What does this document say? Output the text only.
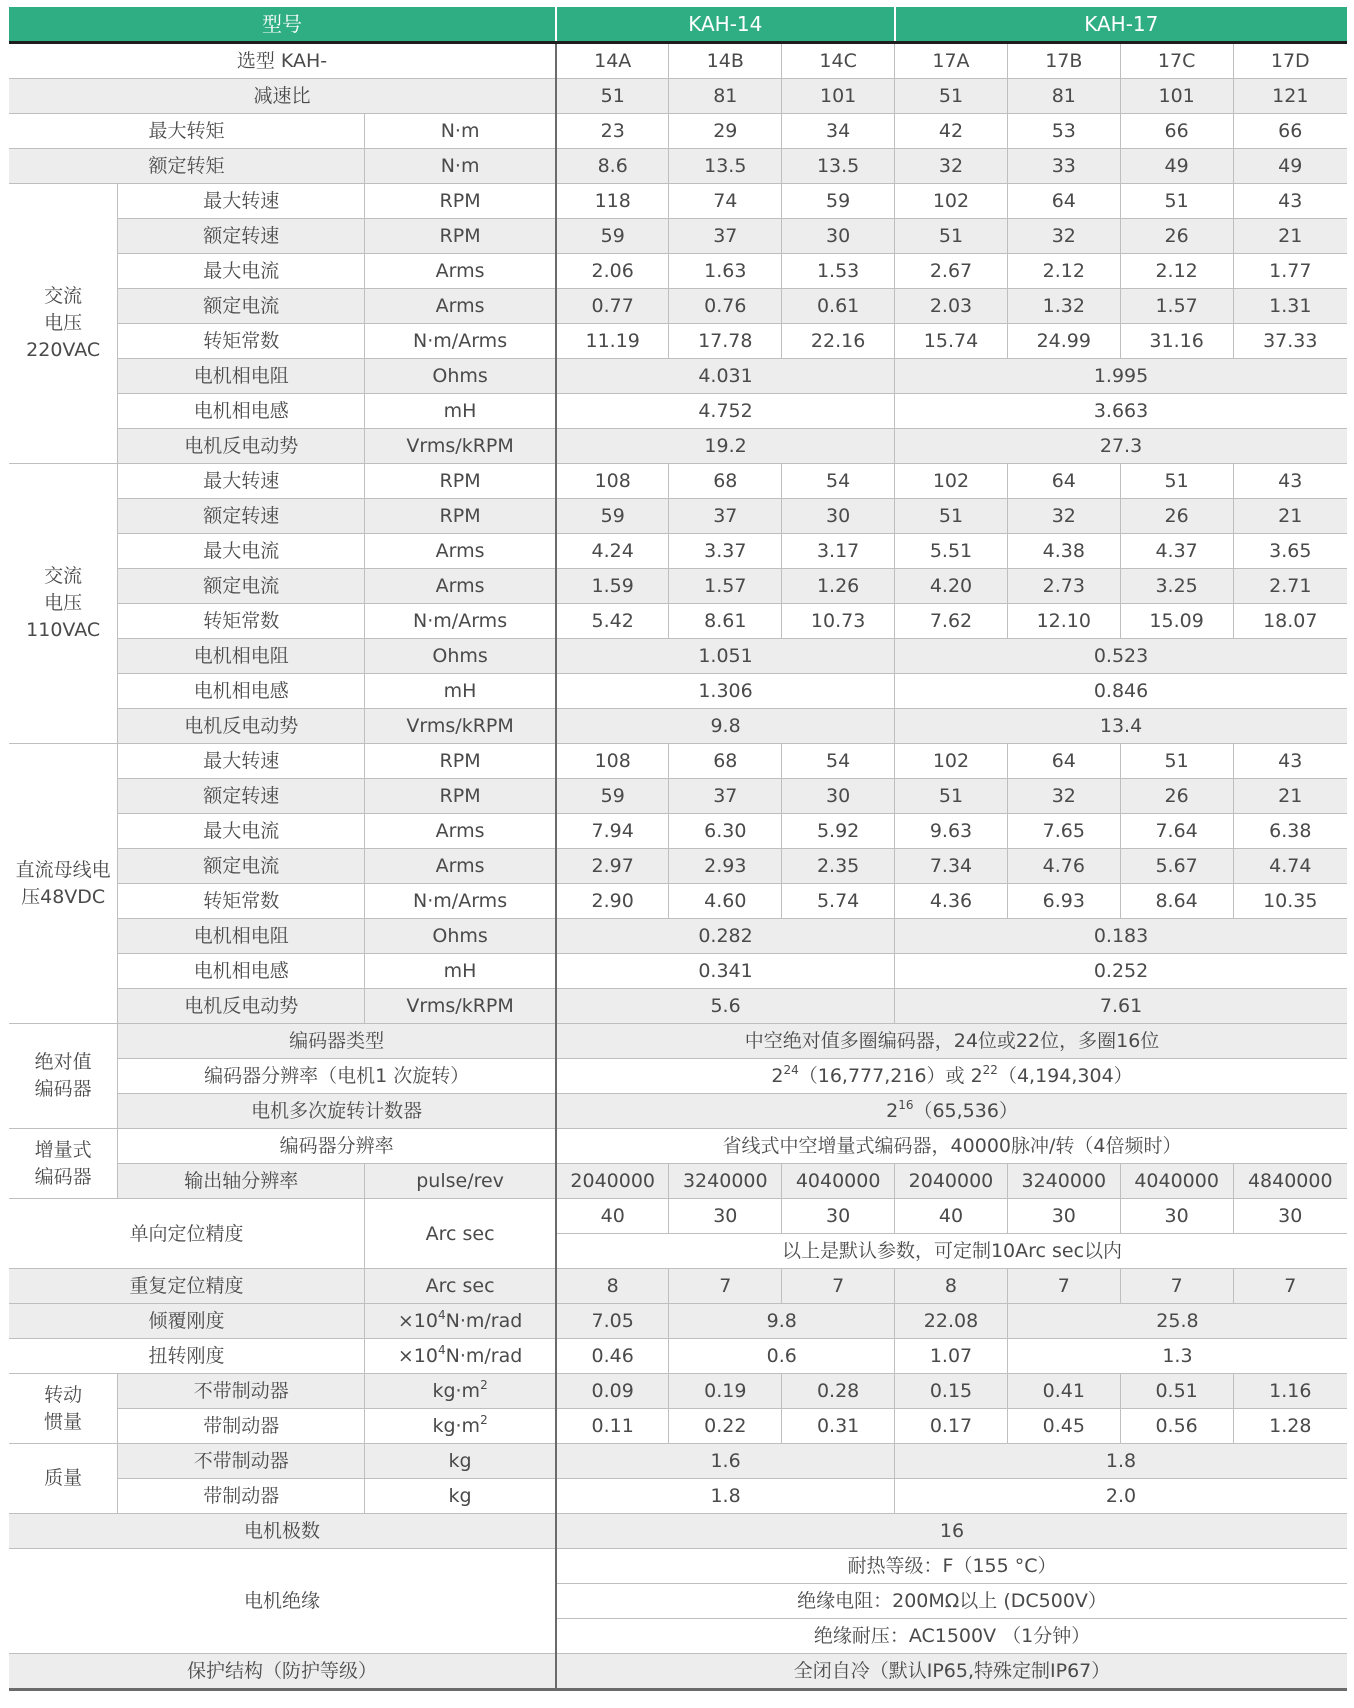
型号			KAH-14			KAH-17			
选型 KAH-			14A	14B	14C	17A	17B	17C	17D
减速比			51	81	101	51	81	101	121
最大转矩		N·m	23	29	34	42	53	66	66
额定转矩		N·m	8.6	13.5	13.5	32	33	49	49
交流
电压
220VAC	最大转速	RPM	118	74	59	102	64	51	43
	额定转速	RPM	59	37	30	51	32	26	21
	最大电流	Arms	2.06	1.63	1.53	2.67	2.12	2.12	1.77
	额定电流	Arms	0.77	0.76	0.61	2.03	1.32	1.57	1.31
	转矩常数	N·m/Arms	11.19	17.78	22.16	15.74	24.99	31.16	37.33
	电机相电阻	Ohms	4.031			1.995			
	电机相电感	mH	4.752			3.663			
	电机反电动势	Vrms/kRPM	19.2			27.3			
交流
电压
110VAC	最大转速	RPM	108	68	54	102	64	51	43
	额定转速	RPM	59	37	30	51	32	26	21
	最大电流	Arms	4.24	3.37	3.17	5.51	4.38	4.37	3.65
	额定电流	Arms	1.59	1.57	1.26	4.20	2.73	3.25	2.71
	转矩常数	N·m/Arms	5.42	8.61	10.73	7.62	12.10	15.09	18.07
	电机相电阻	Ohms	1.051			0.523			
	电机相电感	mH	1.306			0.846			
	电机反电动势	Vrms/kRPM	9.8			13.4			
直流母线电
压48VDC	最大转速	RPM	108	68	54	102	64	51	43
	额定转速	RPM	59	37	30	51	32	26	21
	最大电流	Arms	7.94	6.30	5.92	9.63	7.65	7.64	6.38
	额定电流	Arms	2.97	2.93	2.35	7.34	4.76	5.67	4.74
	转矩常数	N·m/Arms	2.90	4.60	5.74	4.36	6.93	8.64	10.35
	电机相电阻	Ohms	0.282			0.183			
	电机相电感	mH	0.341			0.252			
	电机反电动势	Vrms/kRPM	5.6			7.61			
绝对值
编码器	编码器类型		中空绝对值多圈编码器，24位或22位，多圈16位						
	编码器分辨率（电机1 次旋转）		$2^{24}(16,777,216)$或 $2^{22}(4,194,304)$						
	电机多次旋转计数器		$2^{16}(65,536)$						
增量式
编码器	编码器分辨率		省线式中空增量式编码器，40000脉冲/转（4倍频时）						
	输出轴分辨率	pulse/rev	2040000	3240000	4040000	2040000	3240000	4040000	4840000
单向定位精度		Arc sec	40	30	30	40	30	30	30
			以上是默认参数，可定制10Arc sec以内						
重复定位精度		Arc sec	8	7	7	8	7	7	7
倾覆刚度		$\times 10^4N\cdot m$/rad	7.05	9.8		22.08	25.8		
扭转刚度		$\times 10^4N\cdot m$/rad	0.46	0.6		1.07	1.3		
转动
惯量	不带制动器	$kg\cdot m^2$	0.09	0.19	0.28	0.15	0.41	0.51	1.16
	带制动器	$kg\cdot m^2$	0.11	0.22	0.31	0.17	0.45	0.56	1.28
质量	不带制动器	kg	1.6			1.8			
	带制动器	kg	1.8			2.0			
电机极数			16						
电机绝缘			耐热等级：F（155 °C）						
			绝缘电阻：200MΩ以上 (DC500V）						
			绝缘耐压：AC1500V （1分钟）						
保护结构（防护等级）			全闭自冷（默认IP65,特殊定制IP67）						
